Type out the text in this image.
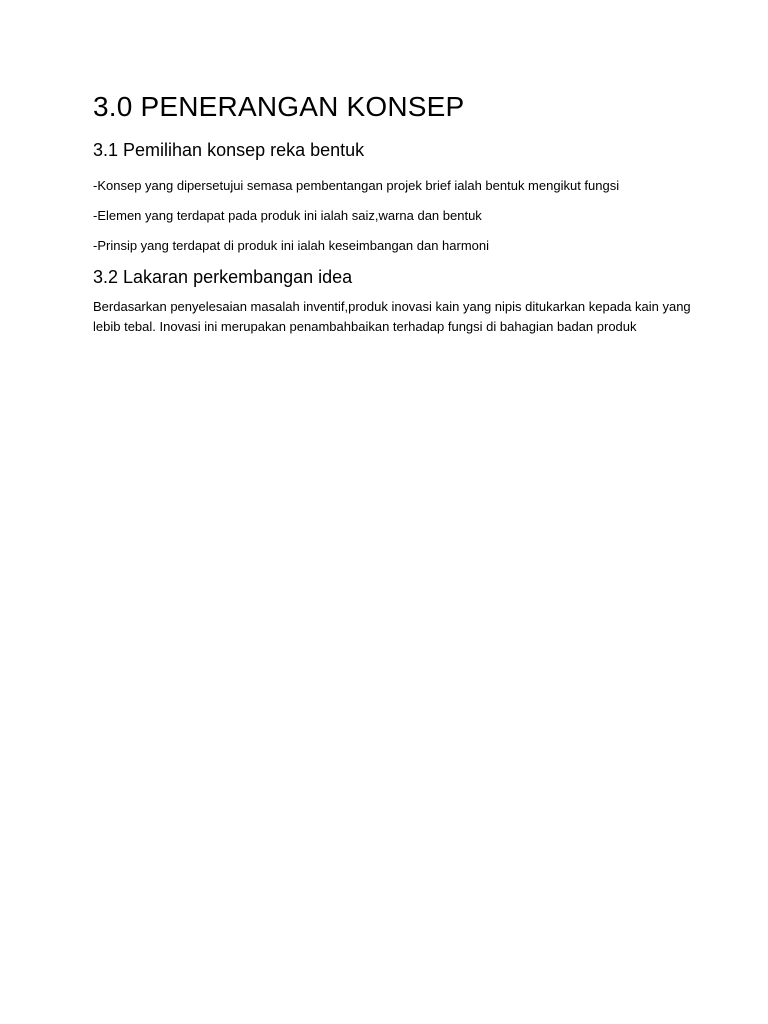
3.0 PENERANGAN KONSEP
3.1 Pemilihan konsep reka bentuk

-Konsep yang dipersetujui semasa pembentangan projek brief ialah bentuk mengikut fungsi

-Elemen yang terdapat pada produk ini ialah saiz,warna dan bentuk

-Prinsip yang terdapat di produk ini ialah keseimbangan dan harmoni

3.2 Lakaran perkembangan idea

Berdasarkan penyelesaian masalah inventif,produk inovasi kain yang nipis ditukarkan kepada kain yang lebib tebal. Inovasi ini merupakan penambahbaikan terhadap fungsi di bahagian badan produk
